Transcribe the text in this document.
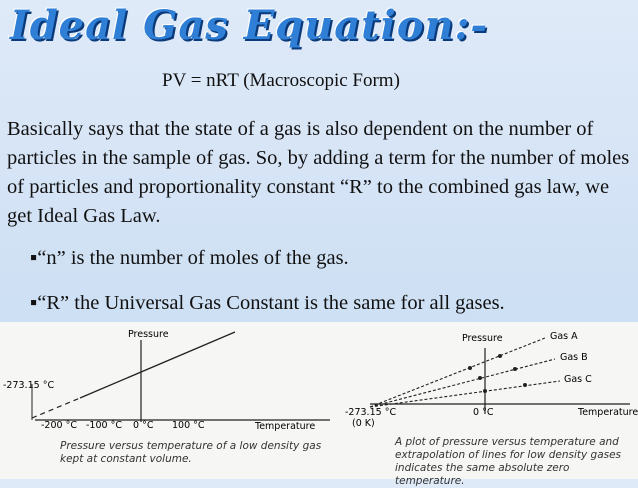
Ideal Gas Equation:-
PV = nRT (Macroscopic Form)
Basically says that the state of a gas is also dependent on the number of particles in the sample of gas. So, by adding a term for the number of moles of particles and proportionality constant “R” to the combined gas law, we get Ideal Gas Law.
▪“n” is the number of moles of the gas.
▪“R” the Universal Gas Constant is the same for all gases.
Pressure
Temperature
-273.15 °C
-200 °C -100 °C 0 °C 100 °C
Pressure	Gas A
Gas B
Gas C
-273.15 °C
(0 K)
0 °C	Temperature
Pressure versus temperature of a low density gas kept at constant volume.
A plot of pressure versus temperature and extrapolation of lines for low density gases indicates the same absolute zero temperature.
